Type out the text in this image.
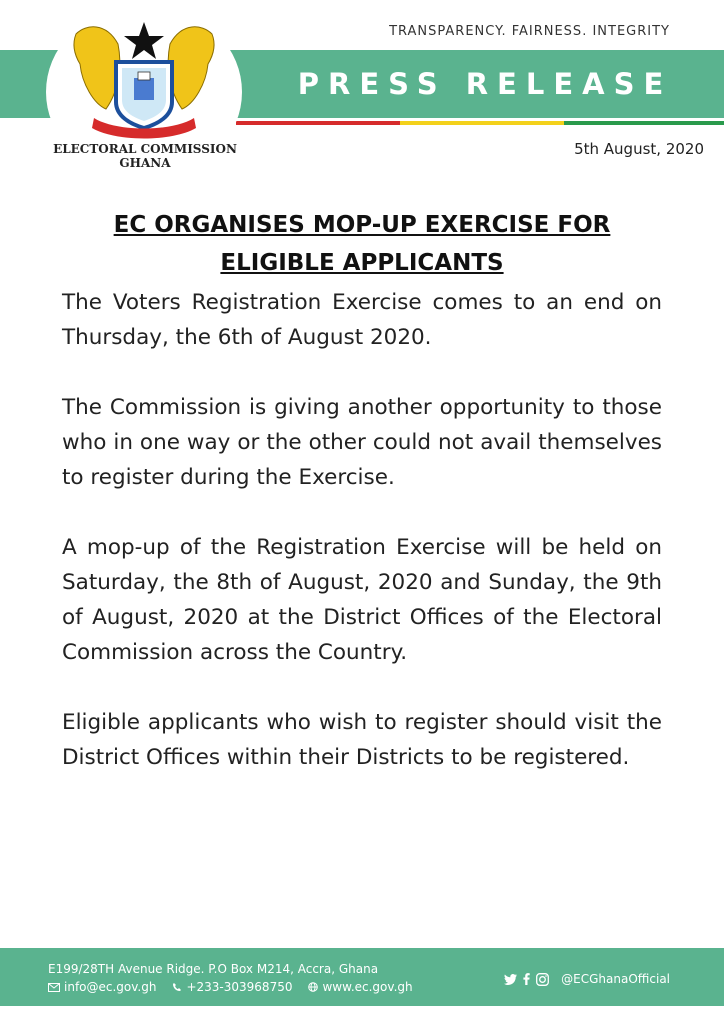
TRANSPARENCY. FAIRNESS. INTEGRITY
PRESS RELEASE
ELECTORAL COMMISSION
GHANA
5th August, 2020
EC ORGANISES MOP-UP EXERCISE FOR
ELIGIBLE APPLICANTS

The Voters Registration Exercise comes to an end on Thursday, the 6th of August 2020.

The Commission is giving another opportunity to those who in one way or the other could not avail themselves to register during the Exercise.

A mop-up of the Registration Exercise will be held on Saturday, the 8th of August, 2020 and Sunday, the 9th of August, 2020 at the District Offices of the Electoral Commission across the Country.

Eligible applicants who wish to register should visit the District Offices within their Districts to be registered.

E199/28TH Avenue Ridge. P.O Box M214, Accra, Ghana
info@ec.gov.gh	+233-303968750	www.ec.gov.gh
@ECGhanaOfficial
